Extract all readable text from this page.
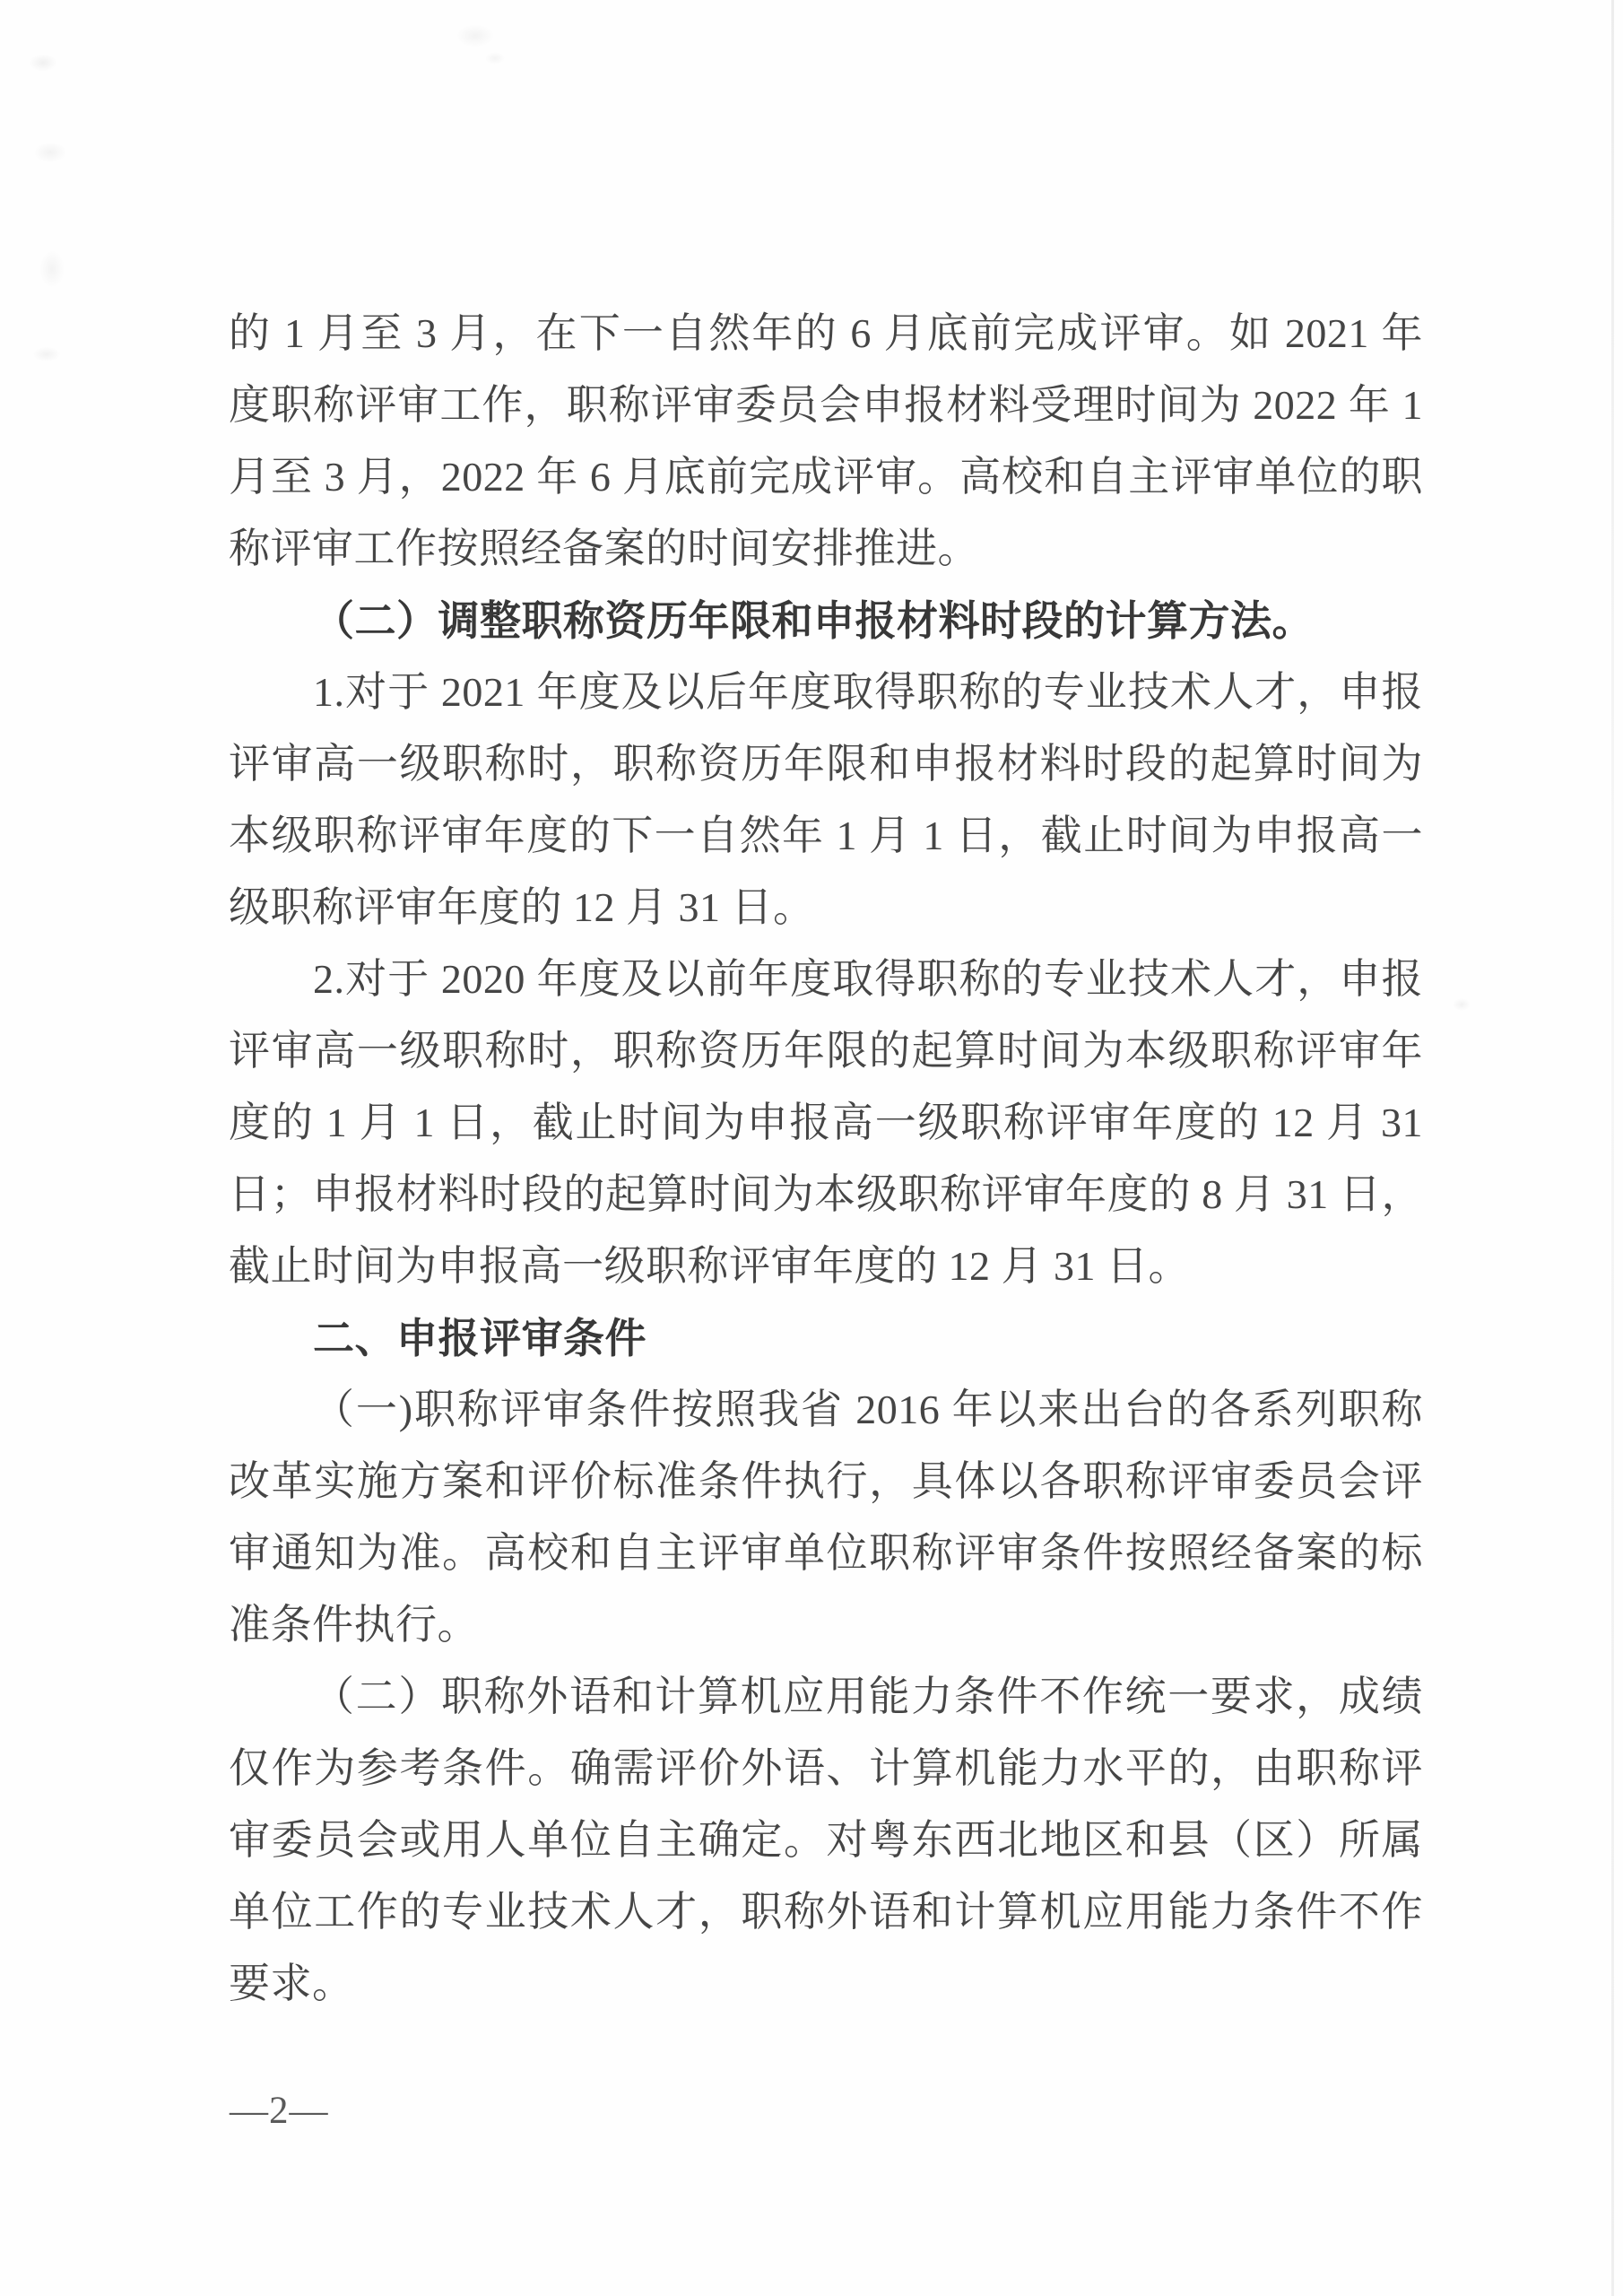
的 1 月至 3 月，在下一自然年的 6 月底前完成评审。如 2021 年
度职称评审工作，职称评审委员会申报材料受理时间为 2022 年 1
月至 3 月，2022 年 6 月底前完成评审。高校和自主评审单位的职
称评审工作按照经备案的时间安排推进。
（二）调整职称资历年限和申报材料时段的计算方法。
1.对于 2021 年度及以后年度取得职称的专业技术人才，申报
评审高一级职称时，职称资历年限和申报材料时段的起算时间为
本级职称评审年度的下一自然年 1 月 1 日，截止时间为申报高一
级职称评审年度的 12 月 31 日。
2.对于 2020 年度及以前年度取得职称的专业技术人才，申报
评审高一级职称时，职称资历年限的起算时间为本级职称评审年
度的 1 月 1 日，截止时间为申报高一级职称评审年度的 12 月 31
日；申报材料时段的起算时间为本级职称评审年度的 8 月 31 日，
截止时间为申报高一级职称评审年度的 12 月 31 日。
二、申报评审条件
（一)职称评审条件按照我省 2016 年以来出台的各系列职称
改革实施方案和评价标准条件执行，具体以各职称评审委员会评
审通知为准。高校和自主评审单位职称评审条件按照经备案的标
准条件执行。
（二）职称外语和计算机应用能力条件不作统一要求，成绩
仅作为参考条件。确需评价外语、计算机能力水平的，由职称评
审委员会或用人单位自主确定。对粤东西北地区和县（区）所属
单位工作的专业技术人才，职称外语和计算机应用能力条件不作
要求。
—2—
